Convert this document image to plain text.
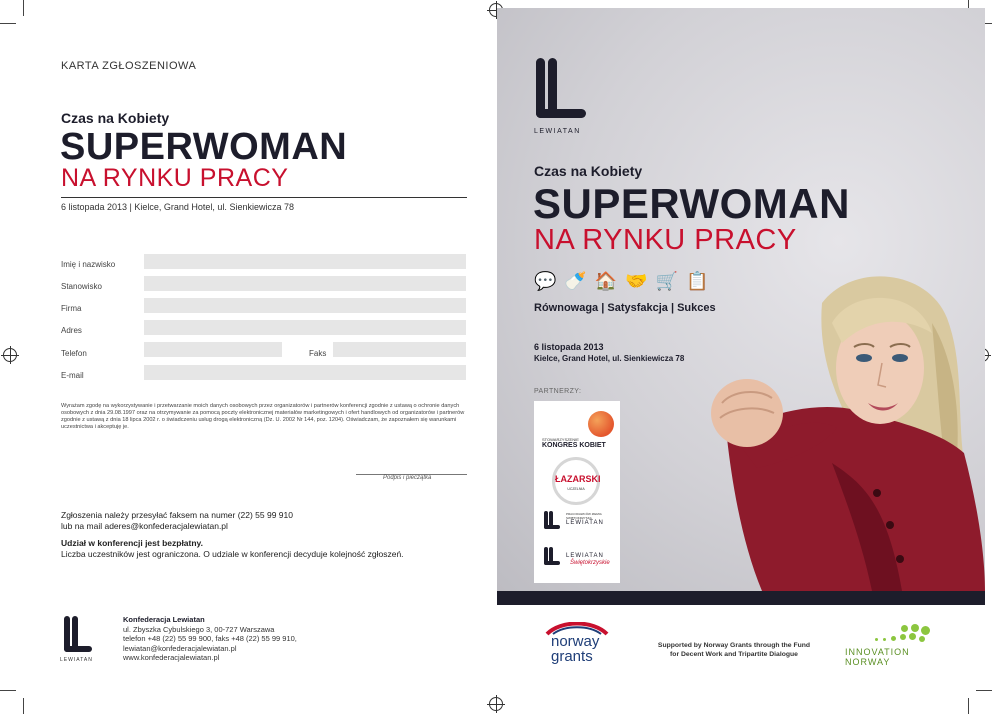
KARTA ZGŁOSZENIOWA
Czas na Kobiety
SUPERWOMAN
NA RYNKU PRACY
6 listopada 2013 | Kielce, Grand Hotel, ul. Sienkiewicza 78
Imię i nazwisko
Stanowisko
Firma
Adres
Telefon	Faks
E-mail
Wyrażam zgodę na wykorzystywanie i przetwarzanie moich danych osobowych przez organizatorów i partnerów konferencji zgodnie z ustawą o ochronie danych osobowych z dnia 29.08.1997 oraz na otrzymywanie za pomocą poczty elektronicznej materiałów marketingowych i ofert handlowych od organizatorów i partnerów zgodnie z ustawą z dnia 18 lipca 2002 r. o świadczeniu usług drogą elektroniczną (Dz. U. 2002 Nr 144, poz. 1204). Oświadczam, że zapoznałem się warunkami uczestnictwa i akceptuję je.
Podpis i pieczątka
Zgłoszenia należy przesyłać faksem na numer (22) 55 99 910
lub na mail aderes@konfederacjalewiatan.pl
Udział w konferencji jest bezpłatny.
Liczba uczestników jest ograniczona. O udziale w konferencji decyduje kolejność zgłoszeń.
LEWIATAN
Konfederacja Lewiatan
ul. Zbyszka Cybulskiego 3, 00-727 Warszawa
telefon +48 (22) 55 99 900, faks +48 (22) 55 99 910,
lewiatan@konfederacjalewiatan.pl
www.konfederacjalewiatan.pl
LEWIATAN
Czas na Kobiety
SUPERWOMAN
NA RYNKU PRACY
💬 🍼 🏠 🤝 🛒 📋
Równowaga | Satysfakcja | Sukces
6 listopada 2013
Kielce, Grand Hotel, ul. Sienkiewicza 78
PARTNERZY:
STOWARZYSZENIE
KONGRES KOBIET
ŁAZARSKI
UCZELNIA
PRACODAWCÓW ZIEMIA SWIĘTOKRZYSKA
LEWIATAN
LEWIATAN
Świętokrzyskie
norway
grants
Supported by Norway Grants through the Fund
for Decent Work and Tripartite Dialogue	INNOVATION
NORWAY
